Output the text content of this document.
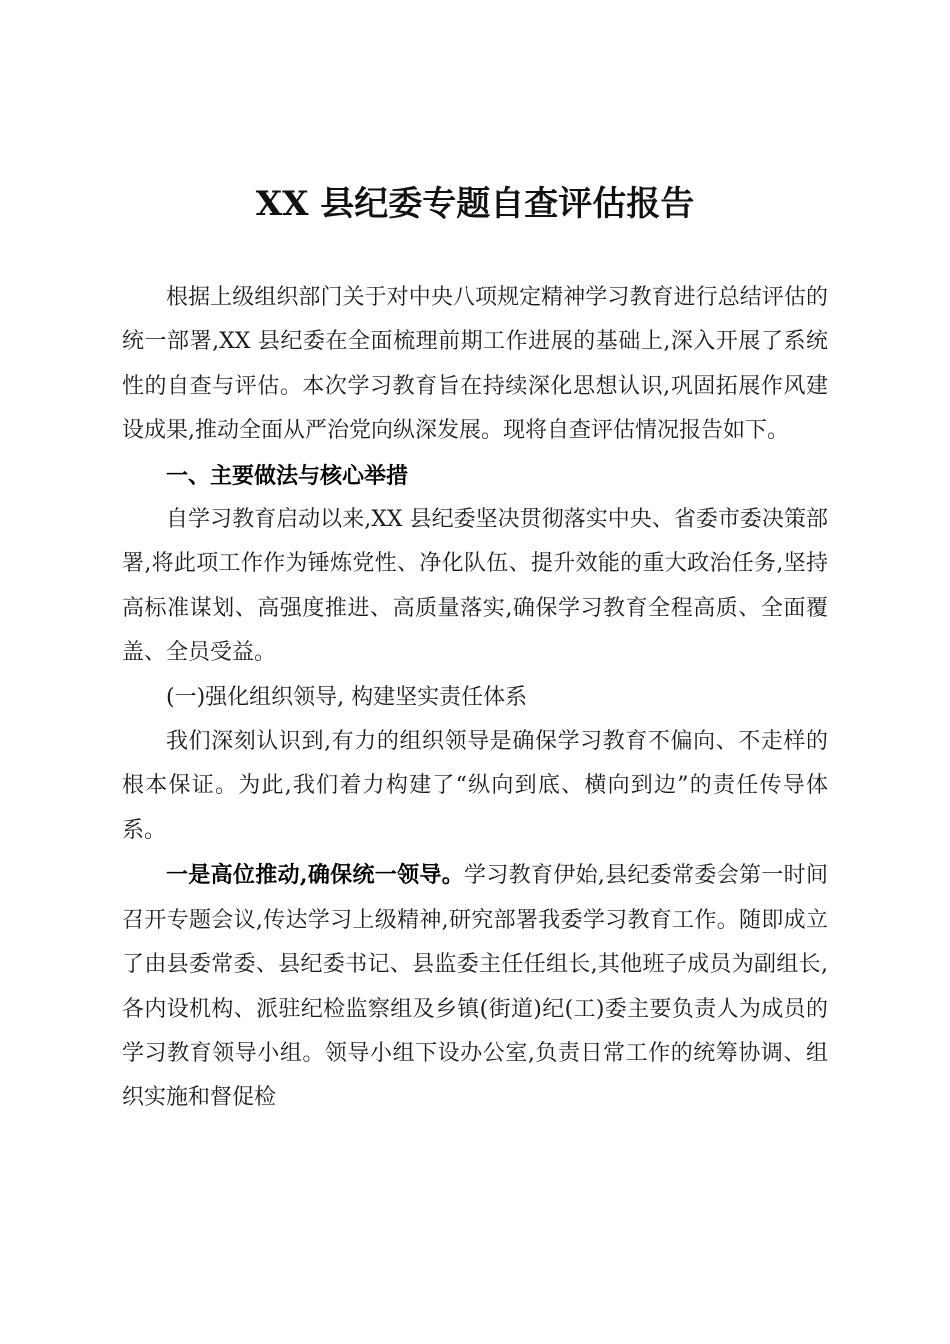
XX 县纪委专题自查评估报告

根据上级组织部门关于对中央八项规定精神学习教育进行总结评估的统一部署,XX 县纪委在全面梳理前期工作进展的基础上,深入开展了系统性的自查与评估。本次学习教育旨在持续深化思想认识,巩固拓展作风建设成果,推动全面从严治党向纵深发展。现将自查评估情况报告如下。

一、主要做法与核心举措

自学习教育启动以来,XX 县纪委坚决贯彻落实中央、省委市委决策部署,将此项工作作为锤炼党性、净化队伍、提升效能的重大政治任务,坚持高标准谋划、高强度推进、高质量落实,确保学习教育全程高质、全面覆盖、全员受益。

(一)强化组织领导, 构建坚实责任体系

我们深刻认识到,有力的组织领导是确保学习教育不偏向、不走样的根本保证。为此,我们着力构建了“纵向到底、横向到边”的责任传导体系。

一是高位推动,确保统一领导。学习教育伊始,县纪委常委会第一时间召开专题会议,传达学习上级精神,研究部署我委学习教育工作。随即成立了由县委常委、县纪委书记、县监委主任任组长,其他班子成员为副组长,各内设机构、派驻纪检监察组及乡镇(街道)纪(工)委主要负责人为成员的学习教育领导小组。领导小组下设办公室,负责日常工作的统筹协调、组织实施和督促检
